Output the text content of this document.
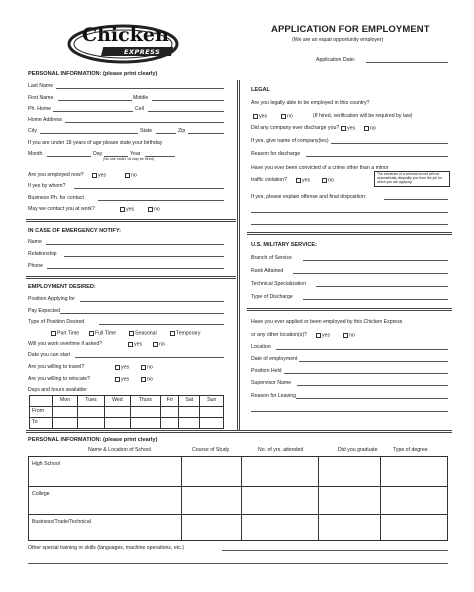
Chicken
EXPRESS
APPLICATION FOR EMPLOYMENT
(We are an equal opportunity employer)
Application Date:
PERSONAL INFORMATION: (please print clearly)
Last Name
First Name	Middle
Ph. Home	Cell
Home Address
City	State	Zip
If you are under 18 years of age please state your birthday
Month	Day	Year
(No one under 18 may be hired)
Are you employed now?	yes	no
If yes by whom?
Business Ph. for contact
May we contact you at work?	yes	no
IN CASE OF EMERGENCY NOTIFY:
Name
Relationship
Phone
EMPLOYMENT DESIRED:
Position Applying for
Pay Expected
Type of Position Desired
Part Time	Full Time	Seasonal	Temporary
Will you work overtime if asked?	yes	no
Date you can start
Are you willing to travel?	yes	no
Are you willing to relocate?	yes	no
Days and hours available:
	Mon	Tues	Wed	Thurs	Fri	Sat	Sun
From							
To							
LEGAL
Are you legally able to be employed in this country?
yes	no	(If hired, verification will be required by law)
Did any company ever discharge you?	yes	no
If yes, give name of company(ies)
Reason for discharge
Have you ever been convicted of a crime other than a minor
traffic violation?	yes	no
The existence of a criminal record will not automatically disqualify you from the job for which you are applying.
If yes, please explain offense and final disposition:
U.S. MILITARY SERVICE:
Branch of Service
Rank Attained
Technical Specialization
Type of Discharge
Have you ever applied or been employed by this Chicken Express
or any other location(s)?	yes	no
Location
Date of employment
Position Held
Supervisor Name
Reason for Leaving
PERSONAL INFORMATION: (please print clearly)
Name & Location of School	Course of Study	No. of yrs. attended	Did you graduate	Type of degree
High School				
College				
Business/Trade/Technical				
Other special training or skills (languages, machine operations, etc.)
